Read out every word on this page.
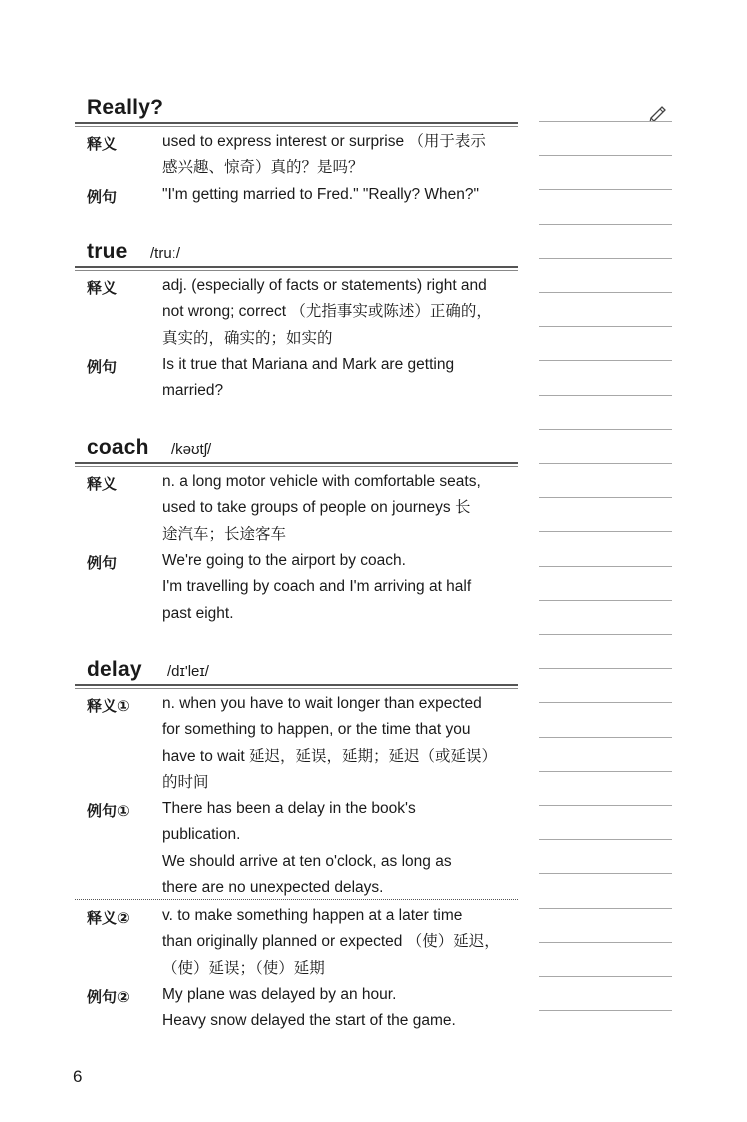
Really?
释义	used to express interest or surprise （用于表示
感兴趣、惊奇）真的？是吗？
例句	"I'm getting married to Fred." "Really? When?"
true /truː/
释义	adj. (especially of facts or statements) right and
not wrong; correct （尤指事实或陈述）正确的，
真实的，确实的；如实的
例句	Is it true that Mariana and Mark are getting
married?
coach /kəʊtʃ/
释义	n. a long motor vehicle with comfortable seats,
used to take groups of people on journeys 长
途汽车；长途客车
例句	We're going to the airport by coach.
I'm travelling by coach and I'm arriving at half
past eight.
delay /dɪ'leɪ/
释义① n. when you have to wait longer than expected
for something to happen, or the time that you
have to wait 延迟，延误，延期；延迟（或延误）
的时间
例句① There has been a delay in the book's
publication.
We should arrive at ten o'clock, as long as
there are no unexpected delays.
释义② v. to make something happen at a later time
than originally planned or expected （使）延迟，
（使）延误；（使）延期
例句② My plane was delayed by an hour.
Heavy snow delayed the start of the game.
6
